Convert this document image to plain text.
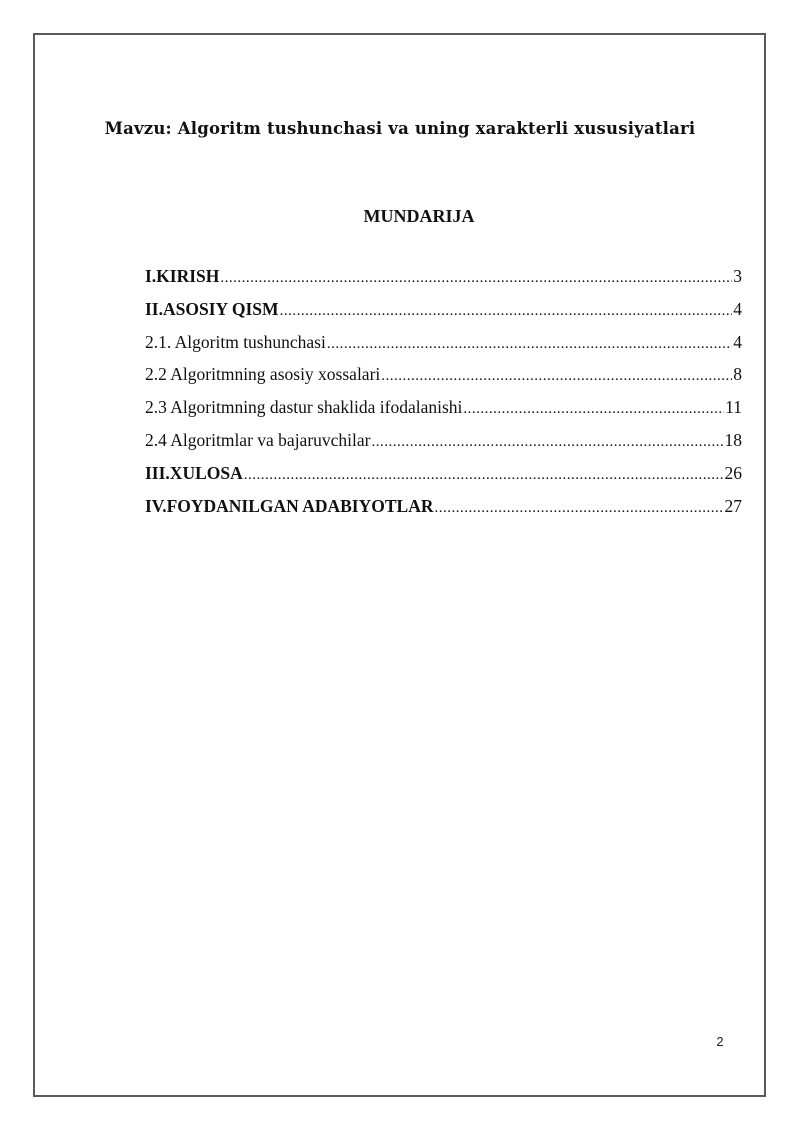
Mavzu: Algoritm tushunchasi va uning xarakterli xususiyatlari
MUNDARIJA
I.KIRISH .....	3
II.ASOSIY QISM .....	4
2.1. Algoritm tushunchasi .....	4
2.2 Algoritmning asosiy xossalari .....	8
2.3 Algoritmning dastur shaklida ifodalanishi .....	11
2.4 Algoritmlar va bajaruvchilar .....	18
III.XULOSA .....	26
IV.FOYDANILGAN ADABIYOTLAR .....	27
2
